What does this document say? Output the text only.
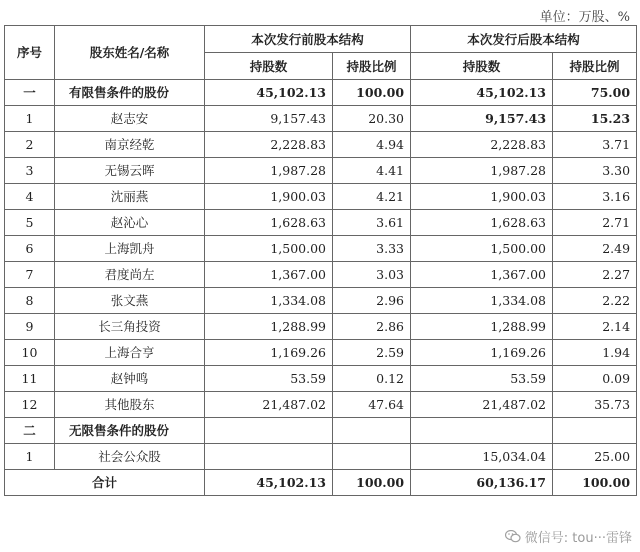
单位：万股、%
序号	股东姓名/名称	本次发行前股本结构		本次发行后股本结构	
		持股数	持股比例	持股数	持股比例
一	有限售条件的股份	45,102.13	100.00	45,102.13	75.00
1	赵志安	9,157.43	20.30	9,157.43	15.23
2	南京经乾	2,228.83	4.94	2,228.83	3.71
3	无锡云晖	1,987.28	4.41	1,987.28	3.30
4	沈丽燕	1,900.03	4.21	1,900.03	3.16
5	赵沁心	1,628.63	3.61	1,628.63	2.71
6	上海凯舟	1,500.00	3.33	1,500.00	2.49
7	君度尚左	1,367.00	3.03	1,367.00	2.27
8	张文燕	1,334.08	2.96	1,334.08	2.22
9	长三角投资	1,288.99	2.86	1,288.99	2.14
10	上海合亨	1,169.26	2.59	1,169.26	1.94
11	赵钟鸣	53.59	0.12	53.59	0.09
12	其他股东	21,487.02	47.64	21,487.02	35.73
二	无限售条件的股份				
1	社会公众股			15,034.04	25.00
合计		45,102.13	100.00	60,136.17	100.00
微信号: tou···雷锋
